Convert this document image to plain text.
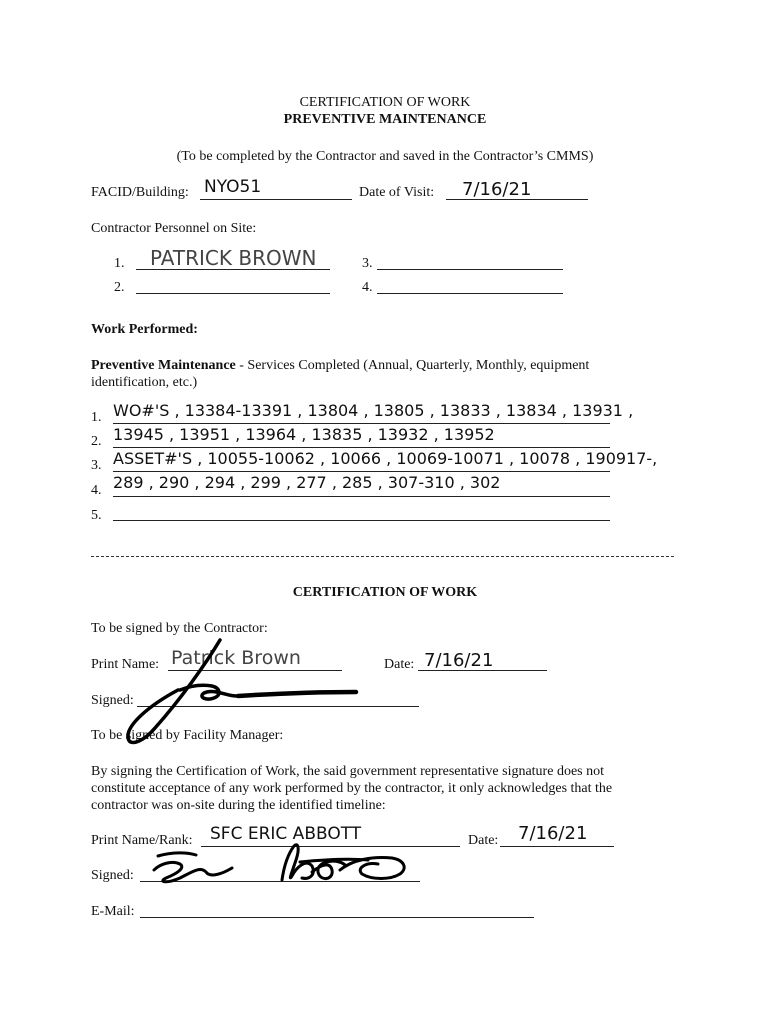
CERTIFICATION OF WORK
PREVENTIVE MAINTENANCE
(To be completed by the Contractor and saved in the Contractor’s CMMS)
FACID/Building: NYO51	Date of Visit: 7/16/21
Contractor Personnel on Site:
1. PATRICK BROWN
2.
3.
4.
Work Performed:
Preventive Maintenance - Services Completed (Annual, Quarterly, Monthly, equipment
identification, etc.)
1. WO#'S , 13384-13391 , 13804 , 13805 , 13833 , 13834 , 13931 ,
2. 13945 , 13951 , 13964 , 13835 , 13932 , 13952
3. ASSET#'S , 10055-10062 , 10066 , 10069-10071 , 10078 , 190917-,
4. 289 , 290 , 294 , 299 , 277 , 285 , 307-310 , 302
5.
CERTIFICATION OF WORK
To be signed by the Contractor:
Print Name: Patrick Brown	Date: 7/16/21
Signed:
To be signed by Facility Manager:
By signing the Certification of Work, the said government representative signature does not
constitute acceptance of any work performed by the contractor, it only acknowledges that the
contractor was on-site during the identified timeline:
Print Name/Rank: SFC ERIC ABBOTT	Date: 7/16/21
Signed:
E-Mail:
